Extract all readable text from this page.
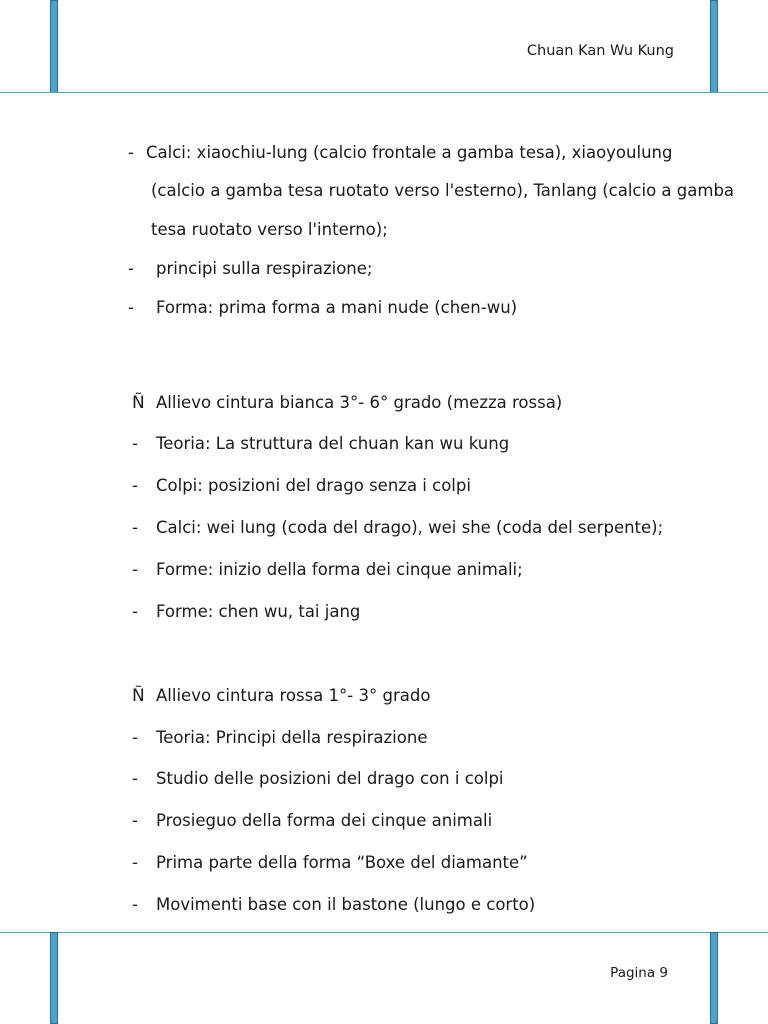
Chuan Kan Wu Kung
Pagina 9
- Calci: xiaochiu-lung (calcio frontale a gamba tesa), xiaoyoulung
(calcio a gamba tesa ruotato verso l'esterno), Tanlang (calcio a gamba
tesa ruotato verso l'interno);
- principi sulla respirazione;
- Forma: prima forma a mani nude (chen-wu)
Ñ Allievo cintura bianca 3°- 6° grado (mezza rossa)
- Teoria: La struttura del chuan kan wu kung
- Colpi: posizioni del drago senza i colpi
- Calci: wei lung (coda del drago), wei she (coda del serpente);
- Forme: inizio della forma dei cinque animali;
- Forme: chen wu, tai jang
Ñ Allievo cintura rossa 1°- 3° grado
- Teoria: Principi della respirazione
- Studio delle posizioni del drago con i colpi
- Prosieguo della forma dei cinque animali
- Prima parte della forma “Boxe del diamante”
- Movimenti base con il bastone (lungo e corto)
